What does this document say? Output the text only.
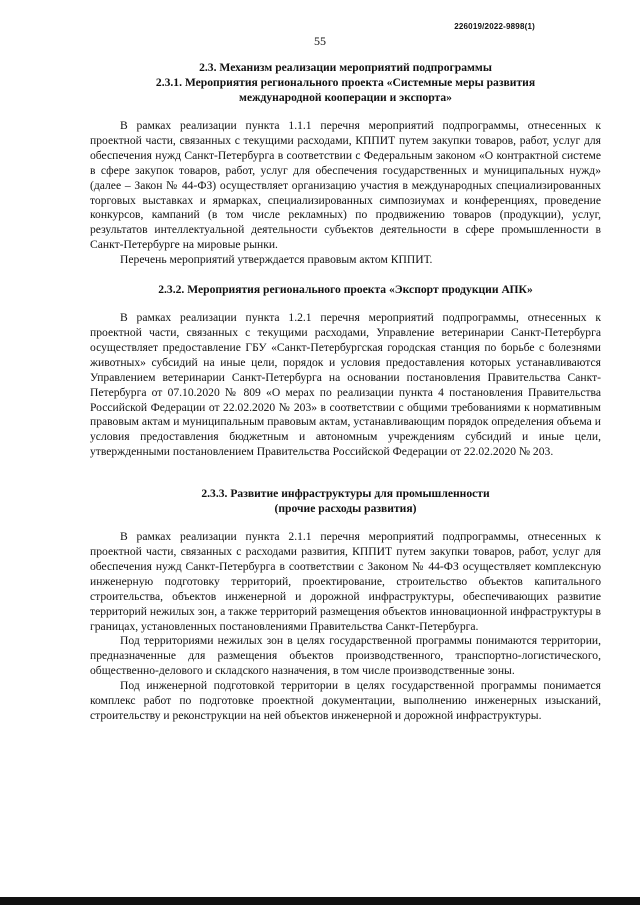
226019/2022-9898(1)
55
2.3. Механизм реализации мероприятий подпрограммы
2.3.1. Мероприятия регионального проекта «Системные меры развития
международной кооперации и экспорта»

В рамках реализации пункта 1.1.1 перечня мероприятий подпрограммы, отнесенных к проектной части, связанных с текущими расходами, КППИТ путем закупки товаров, работ, услуг для обеспечения нужд Санкт-Петербурга в соответствии с Федеральным законом «О контрактной системе в сфере закупок товаров, работ, услуг для обеспечения государственных и муниципальных нужд» (далее – Закон № 44-ФЗ) осуществляет организацию участия в международных специализированных торговых выставках и ярмарках, специализированных симпозиумах и конференциях, проведение конкурсов, кампаний (в том числе рекламных) по продвижению товаров (продукции), услуг, результатов интеллектуальной деятельности субъектов деятельности в сфере промышленности в Санкт-Петербурге на мировые рынки.

Перечень мероприятий утверждается правовым актом КППИТ.

2.3.2. Мероприятия регионального проекта «Экспорт продукции АПК»

В рамках реализации пункта 1.2.1 перечня мероприятий подпрограммы, отнесенных к проектной части, связанных с текущими расходами, Управление ветеринарии Санкт-Петербурга осуществляет предоставление ГБУ «Санкт-Петербургская городская станция по борьбе с болезнями животных» субсидий на иные цели, порядок и условия предоставления которых устанавливаются Управлением ветеринарии Санкт-Петербурга на основании постановления Правительства Санкт-Петербурга от 07.10.2020 № 809 «О мерах по реализации пункта 4 постановления Правительства Российской Федерации от 22.02.2020 № 203» в соответствии с общими требованиями к нормативным правовым актам и муниципальным правовым актам, устанавливающим порядок определения объема и условия предоставления бюджетным и автономным учреждениям субсидий и иные цели, утвержденными постановлением Правительства Российской Федерации от 22.02.2020 № 203.

2.3.3. Развитие инфраструктуры для промышленности
(прочие расходы развития)

В рамках реализации пункта 2.1.1 перечня мероприятий подпрограммы, отнесенных к проектной части, связанных с расходами развития, КППИТ путем закупки товаров, работ, услуг для обеспечения нужд Санкт-Петербурга в соответствии с Законом № 44-ФЗ осуществляет комплексную инженерную подготовку территорий, проектирование, строительство объектов капитального строительства, объектов инженерной и дорожной инфраструктуры, обеспечивающих развитие территорий нежилых зон, а также территорий размещения объектов инновационной инфраструктуры в границах, установленных постановлениями Правительства Санкт-Петербурга.

Под территориями нежилых зон в целях государственной программы понимаются территории, предназначенные для размещения объектов производственного, транспортно-логистического, общественно-делового и складского назначения, в том числе производственные зоны.

Под инженерной подготовкой территории в целях государственной программы понимается комплекс работ по подготовке проектной документации, выполнению инженерных изысканий, строительству и реконструкции на ней объектов инженерной и дорожной инфраструктуры.
